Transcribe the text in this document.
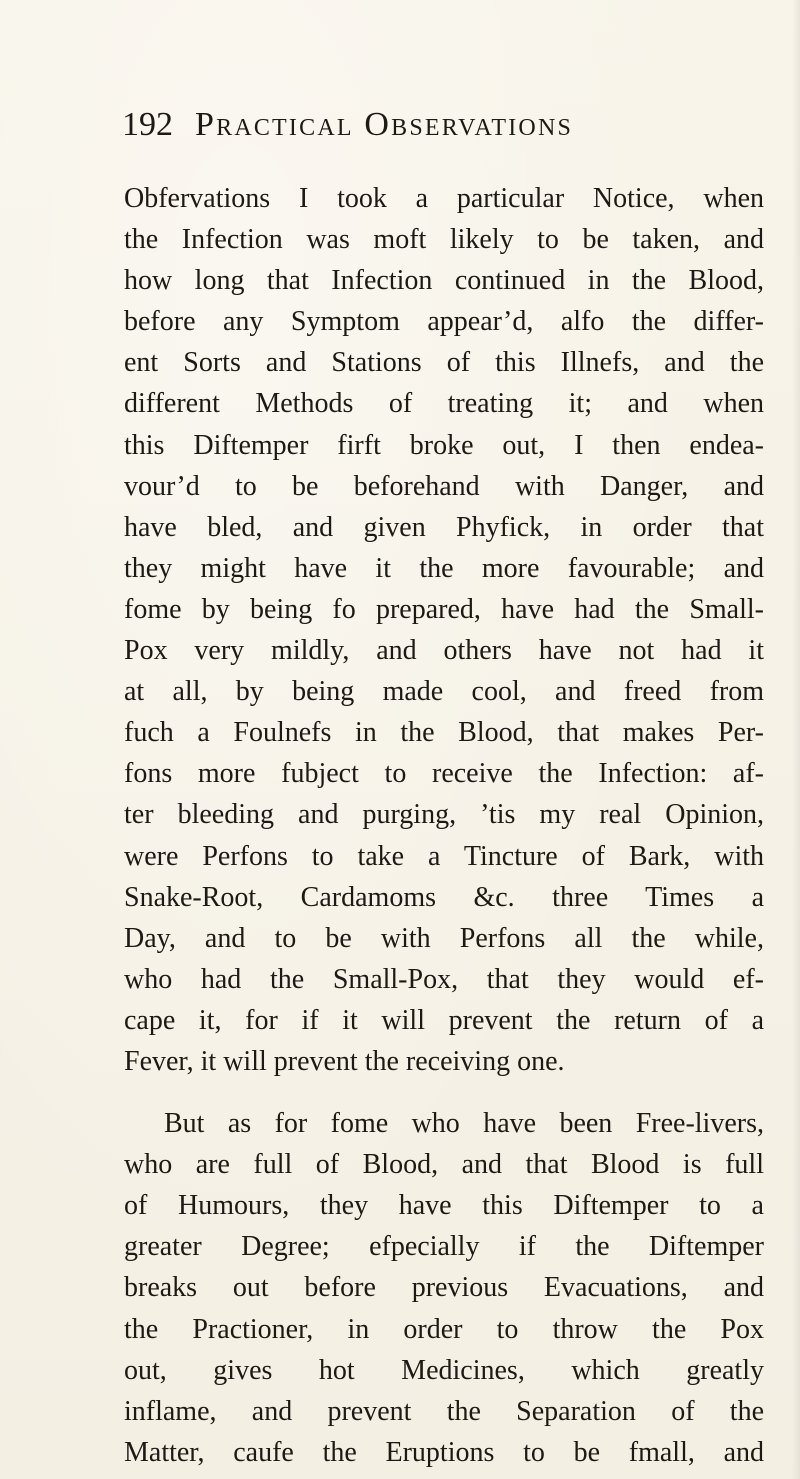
192 Practical Observations
Obfervations I took a particular Notice, when
the Infection was moft likely to be taken, and
how long that Infection continued in the Blood,
before any Symptom appear’d, alfo the differ-
ent Sorts and Stations of this Illnefs, and the
different Methods of treating it; and when
this Diftemper firft broke out, I then endea-
vour’d to be beforehand with Danger, and
have bled, and given Phyfick, in order that
they might have it the more favourable; and
fome by being fo prepared, have had the Small-
Pox very mildly, and others have not had it
at all, by being made cool, and freed from
fuch a Foulnefs in the Blood, that makes Per-
fons more fubject to receive the Infection: af-
ter bleeding and purging, ’tis my real Opinion,
were Perfons to take a Tincture of Bark, with
Snake-Root, Cardamoms &c. three Times a
Day, and to be with Perfons all the while,
who had the Small-Pox, that they would ef-
cape it, for if it will prevent the return of a
Fever, it will prevent the receiving one.
But as for fome who have been Free-livers,
who are full of Blood, and that Blood is full
of Humours, they have this Diftemper to a
greater Degree; efpecially if the Diftemper
breaks out before previous Evacuations, and
the Practioner, in order to throw the Pox
out, gives hot Medicines, which greatly
inflame, and prevent the Separation of the
Matter, caufe the Eruptions to be fmall, and
